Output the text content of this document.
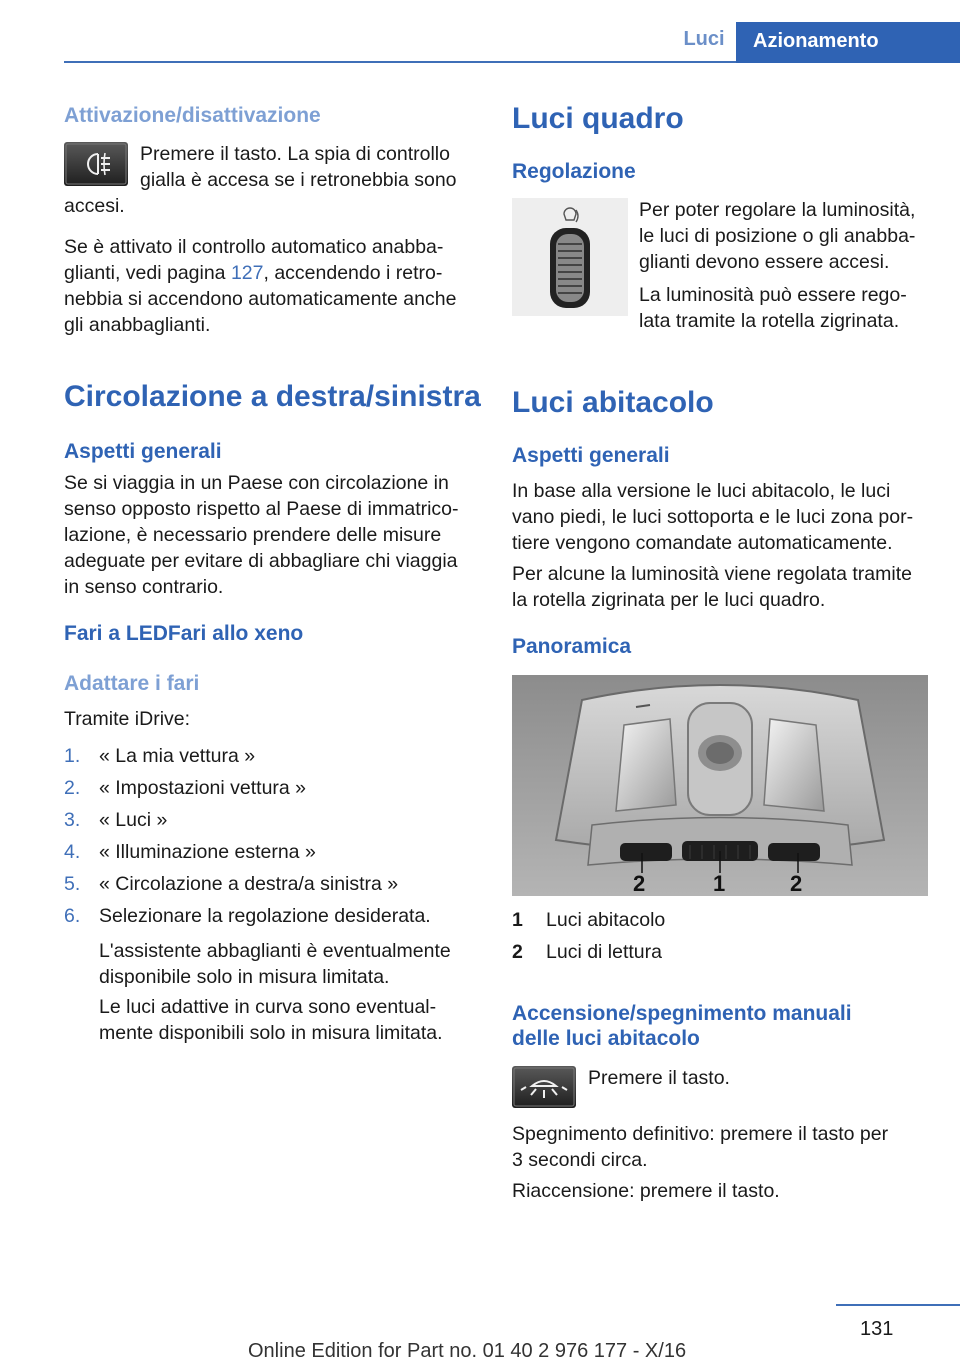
Luci	Azionamento
Attivazione/disattivazione
Premere il tasto. La spia di controllo
gialla è accesa se i retronebbia sono
accesi.
Se è attivato il controllo automatico anabba-
glianti, vedi pagina 127, accendendo i retro-
nebbia si accendono automaticamente anche
gli anabbaglianti.
Circolazione a destra/sinistra
Aspetti generali
Se si viaggia in un Paese con circolazione in
senso opposto rispetto al Paese di immatrico-
lazione, è necessario prendere delle misure
adeguate per evitare di abbagliare chi viaggia
in senso contrario.
Fari a LEDFari allo xeno
Adattare i fari
Tramite iDrive:
1. « La mia vettura »
2. « Impostazioni vettura »
3. « Luci »
4. « Illuminazione esterna »
5. « Circolazione a destra/a sinistra »
6. Selezionare la regolazione desiderata.
L'assistente abbaglianti è eventualmente
disponibile solo in misura limitata.
Le luci adattive in curva sono eventual-
mente disponibili solo in misura limitata.
Luci quadro
Regolazione
Per poter regolare la luminosità,
le luci di posizione o gli anabba-
glianti devono essere accesi.
La luminosità può essere rego-
lata tramite la rotella zigrinata.
Luci abitacolo
Aspetti generali
In base alla versione le luci abitacolo, le luci
vano piedi, le luci sottoporta e le luci zona por-
tiere vengono comandate automaticamente.
Per alcune la luminosità viene regolata tramite
la rotella zigrinata per le luci quadro.
Panoramica
2	1	2
1 Luci abitacolo
2 Luci di lettura
Accensione/spegnimento manuali
delle luci abitacolo
Premere il tasto.
Spegnimento definitivo: premere il tasto per
3 secondi circa.
Riaccensione: premere il tasto.
131
Online Edition for Part no. 01 40 2 976 177 - X/16
